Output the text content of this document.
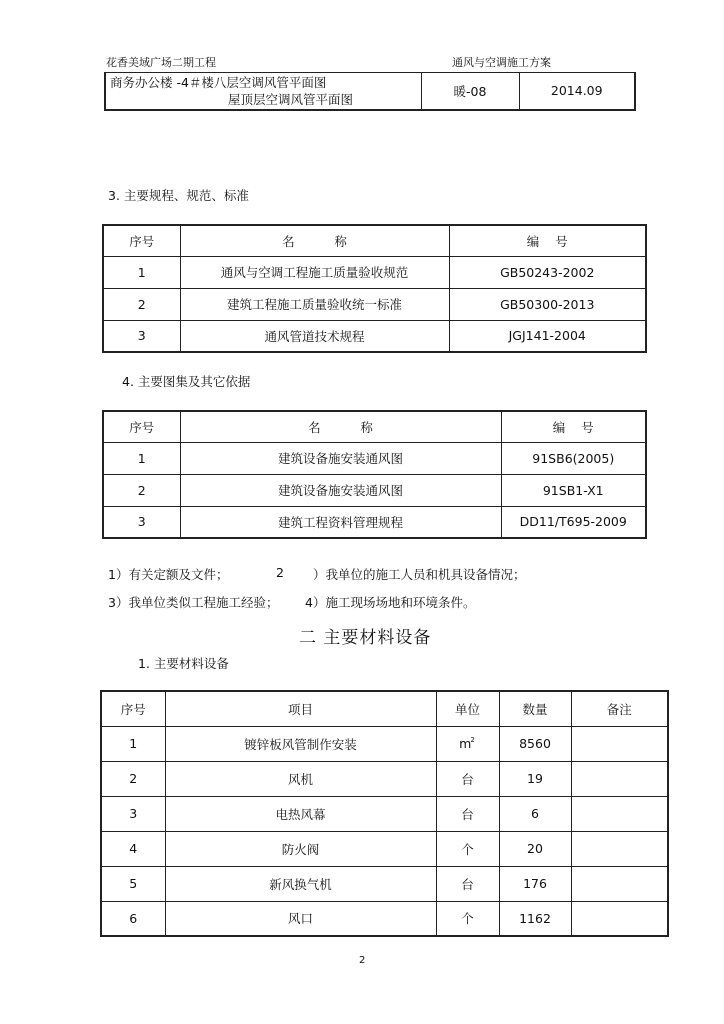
花香美域广场二期工程	通风与空调施工方案
商务办公楼 -4＃楼八层空调风管平面图
屋顶层空调风管平面图
	暖-08	2014.09
3. 主要规程、规范、标准
序号	名          称	编    号
1	通风与空调工程施工质量验收规范	GB50243-2002
2	建筑工程施工质量验收统一标准	GB50300-2013
3	通风管道技术规程	JGJ141-2004
4. 主要图集及其它依据
序号	名          称	编    号
1	建筑设备施安装通风图	91SB6(2005)
2	建筑设备施安装通风图	91SB1-X1
3	建筑工程资料管理规程	DD11/T695-2009
1）有关定额及文件；	2 ）我单位的施工人员和机具设备情况；
3）我单位类似工程施工经验； 4）施工现场场地和环境条件。
二 主要材料设备
1. 主要材料设备
序号	项目	单位	数量	备注
1	镀锌板风管制作安装	$m^2$	8560	
2	风机	台	19	
3	电热风幕	台	6	
4	防火阀	个	20	
5	新风换气机	台	176	
6	风口	个	1162	
2
